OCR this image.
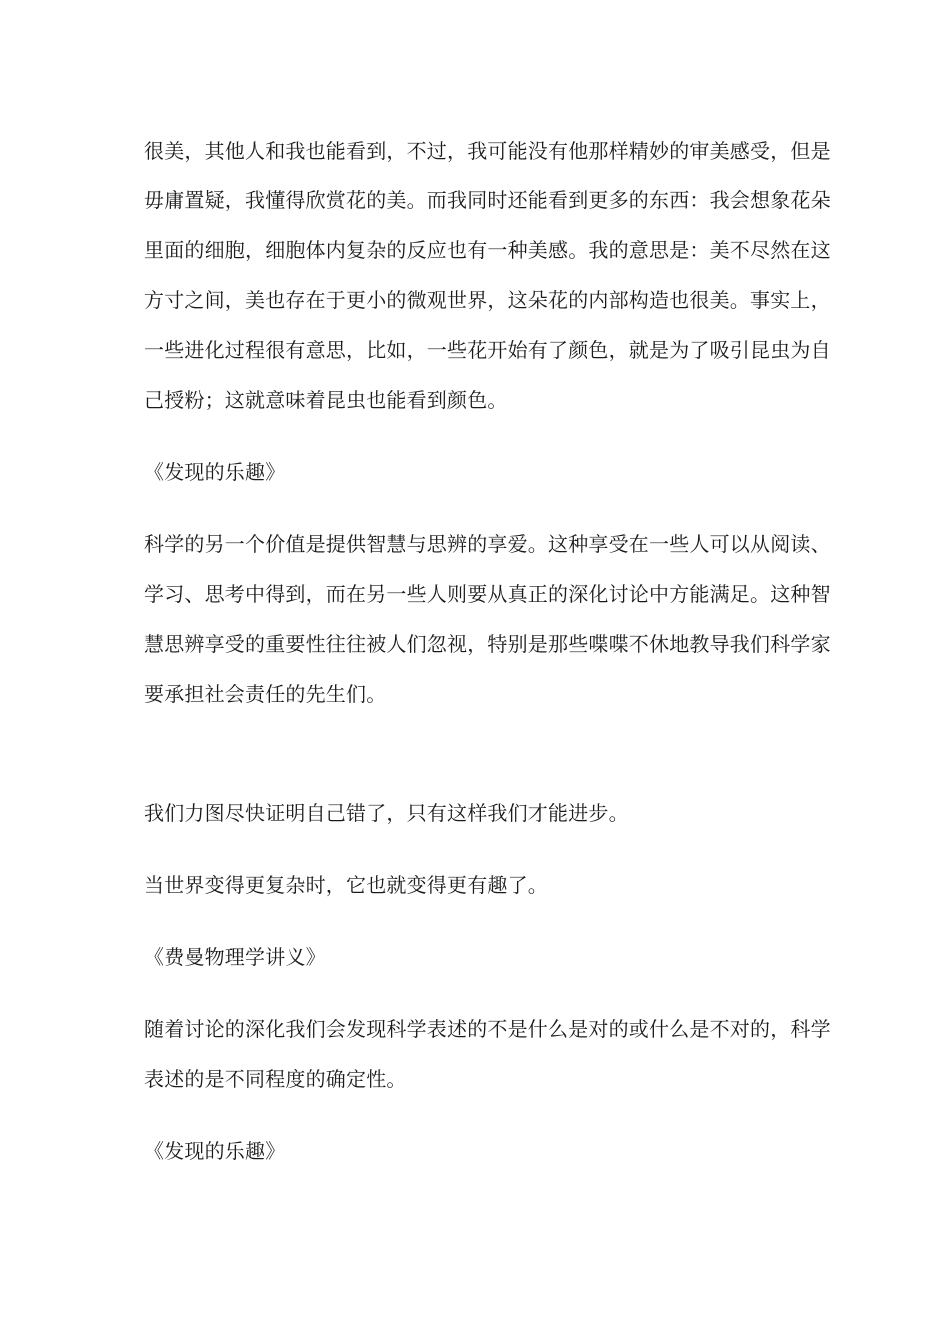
很美，其他人和我也能看到，不过，我可能没有他那样精妙的审美感受，但是
毋庸置疑，我懂得欣赏花的美。而我同时还能看到更多的东西：我会想象花朵
里面的细胞，细胞体内复杂的反应也有一种美感。我的意思是：美不尽然在这
方寸之间，美也存在于更小的微观世界，这朵花的内部构造也很美。事实上，
一些进化过程很有意思，比如，一些花开始有了颜色，就是为了吸引昆虫为自
己授粉；这就意味着昆虫也能看到颜色。
《发现的乐趣》
科学的另一个价值是提供智慧与思辨的享爱。这种享受在一些人可以从阅读、
学习、思考中得到，而在另一些人则要从真正的深化讨论中方能满足。这种智
慧思辨享受的重要性往往被人们忽视，特别是那些喋喋不休地教导我们科学家
要承担社会责任的先生们。
我们力图尽快证明自己错了，只有这样我们才能进步。
当世界变得更复杂时，它也就变得更有趣了。
《费曼物理学讲义》
随着讨论的深化我们会发现科学表述的不是什么是对的或什么是不对的，科学
表述的是不同程度的确定性。
《发现的乐趣》
